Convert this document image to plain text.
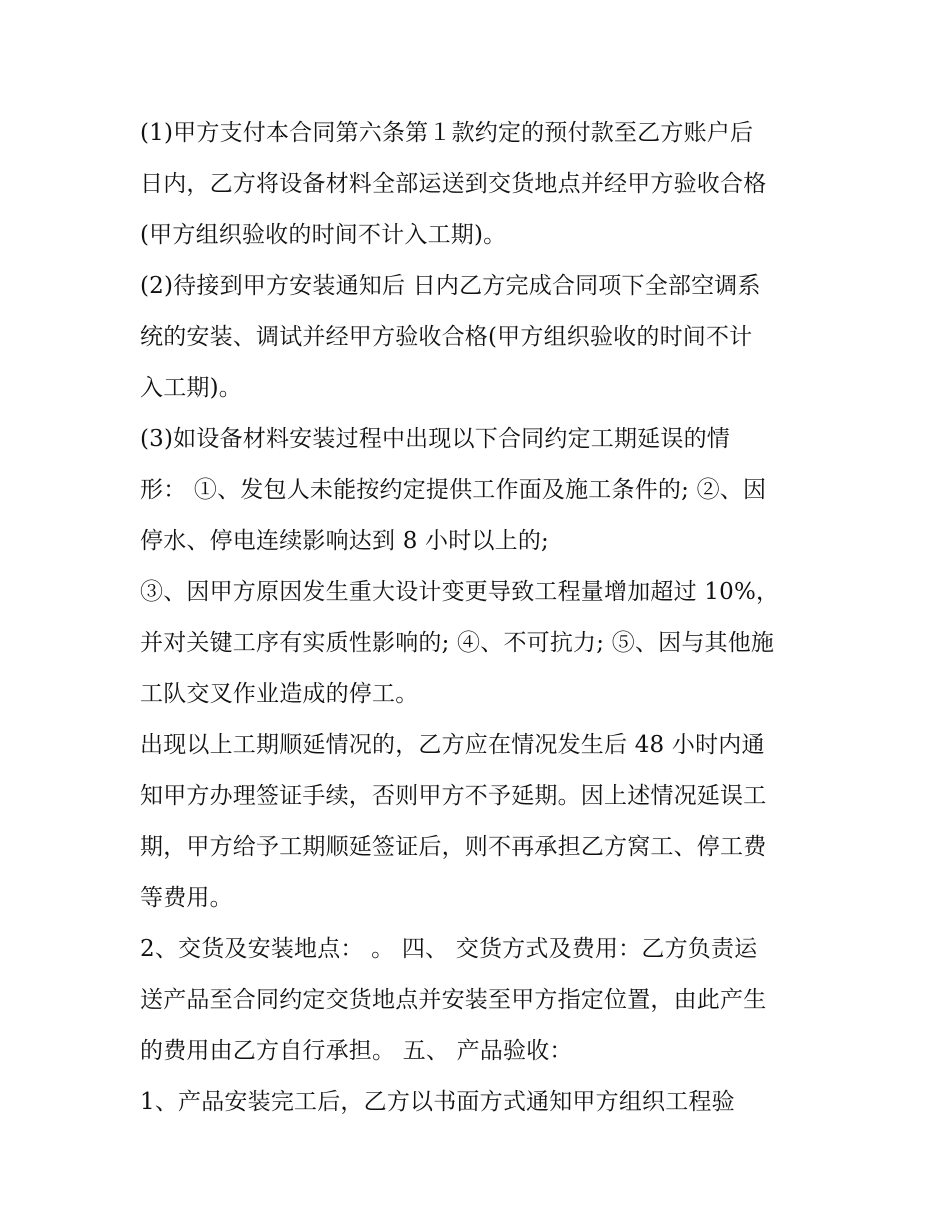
(1)甲方支付本合同第六条第１款约定的预付款至乙方账户后
日内，乙方将设备材料全部运送到交货地点并经甲方验收合格
(甲方组织验收的时间不计入工期)。
(2)待接到甲方安装通知后 日内乙方完成合同项下全部空调系
统的安装、调试并经甲方验收合格(甲方组织验收的时间不计
入工期)。
(3)如设备材料安装过程中出现以下合同约定工期延误的情
形： ①、发包人未能按约定提供工作面及施工条件的; ②、因
停水、停电连续影响达到 8 小时以上的;
③、因甲方原因发生重大设计变更导致工程量增加超过 10%，
并对关键工序有实质性影响的; ④、不可抗力; ⑤、因与其他施
工队交叉作业造成的停工。
出现以上工期顺延情况的，乙方应在情况发生后 48 小时内通
知甲方办理签证手续，否则甲方不予延期。因上述情况延误工
期，甲方给予工期顺延签证后，则不再承担乙方窝工、停工费
等费用。
2、交货及安装地点： 。 四、 交货方式及费用：乙方负责运
送产品至合同约定交货地点并安装至甲方指定位置，由此产生
的费用由乙方自行承担。 五、 产品验收：
1、产品安装完工后，乙方以书面方式通知甲方组织工程验
